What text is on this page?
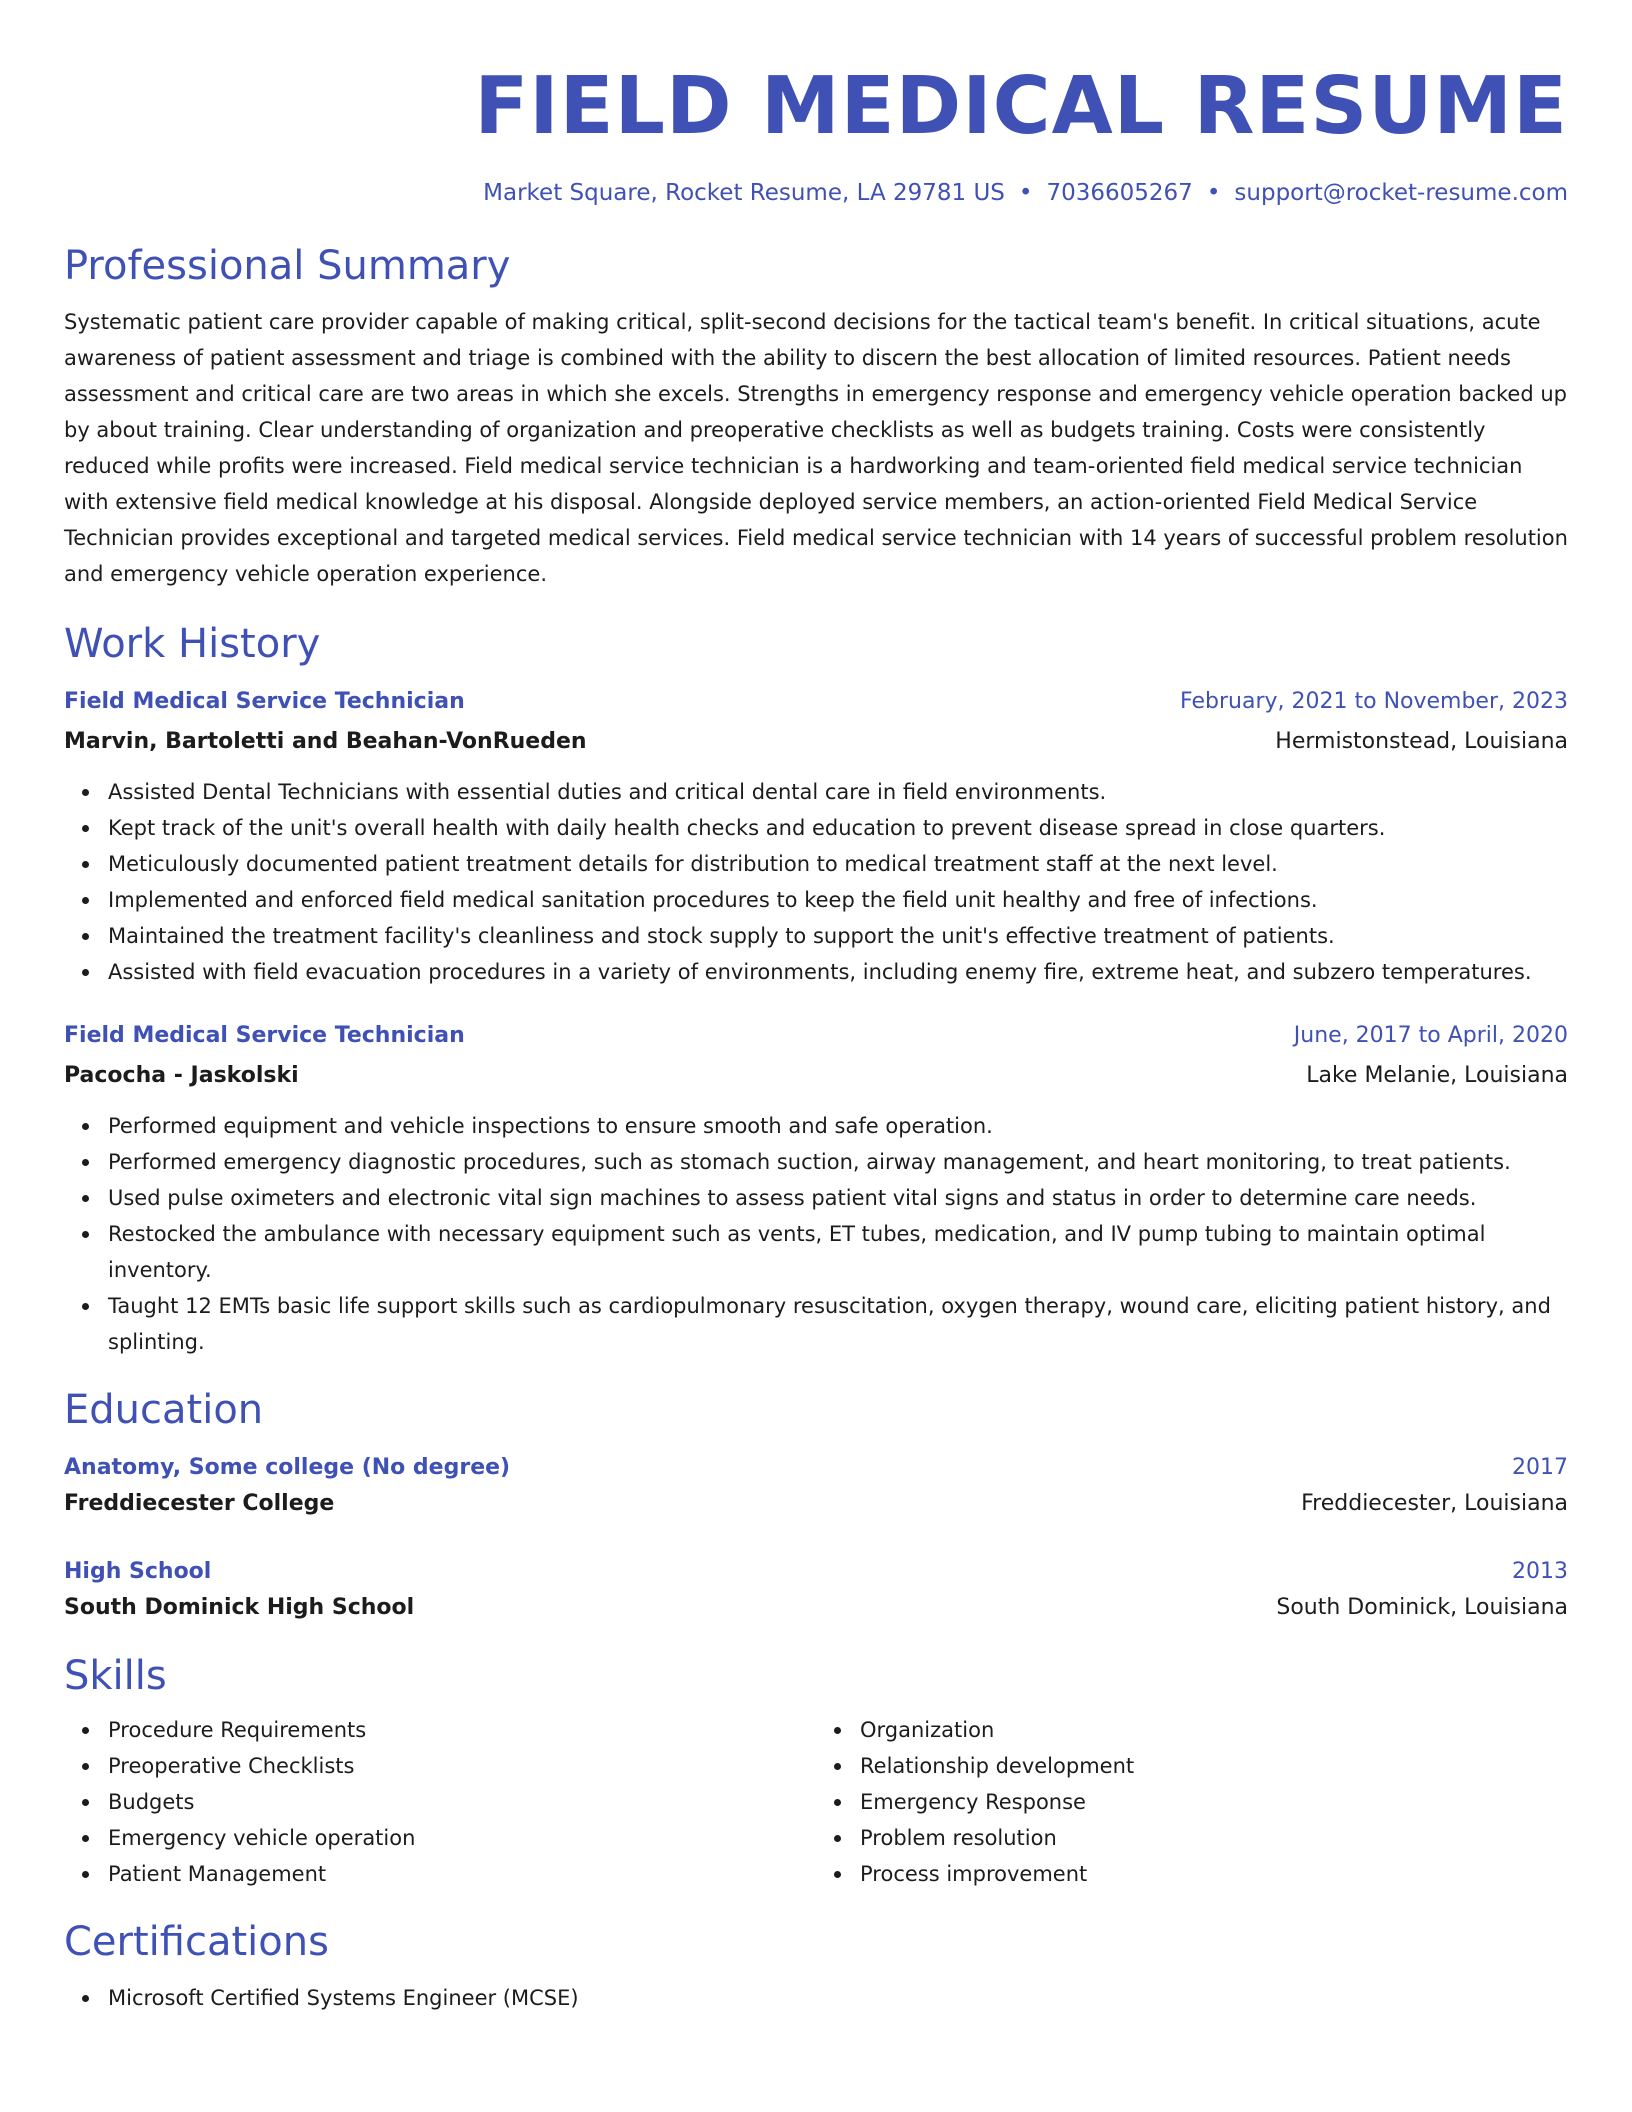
FIELD MEDICAL RESUME
Market Square, Rocket Resume, LA 29781 US • 7036605267 • support@rocket-resume.com
Professional Summary
Systematic patient care provider capable of making critical, split-second decisions for the tactical team's benefit. In critical situations, acute awareness of patient assessment and triage is combined with the ability to discern the best allocation of limited resources. Patient needs assessment and critical care are two areas in which she excels. Strengths in emergency response and emergency vehicle operation backed up by about training. Clear understanding of organization and preoperative checklists as well as budgets training. Costs were consistently reduced while profits were increased. Field medical service technician is a hardworking and team-oriented field medical service technician with extensive field medical knowledge at his disposal. Alongside deployed service members, an action-oriented Field Medical Service Technician provides exceptional and targeted medical services. Field medical service technician with 14 years of successful problem resolution and emergency vehicle operation experience.
Work History
Field Medical Service Technician	February, 2021 to November, 2023
Marvin, Bartoletti and Beahan-VonRueden	Hermistonstead, Louisiana
Assisted Dental Technicians with essential duties and critical dental care in field environments.
Kept track of the unit's overall health with daily health checks and education to prevent disease spread in close quarters.
Meticulously documented patient treatment details for distribution to medical treatment staff at the next level.
Implemented and enforced field medical sanitation procedures to keep the field unit healthy and free of infections.
Maintained the treatment facility's cleanliness and stock supply to support the unit's effective treatment of patients.
Assisted with field evacuation procedures in a variety of environments, including enemy fire, extreme heat, and subzero temperatures.
Field Medical Service Technician	June, 2017 to April, 2020
Pacocha - Jaskolski	Lake Melanie, Louisiana
Performed equipment and vehicle inspections to ensure smooth and safe operation.
Performed emergency diagnostic procedures, such as stomach suction, airway management, and heart monitoring, to treat patients.
Used pulse oximeters and electronic vital sign machines to assess patient vital signs and status in order to determine care needs.
Restocked the ambulance with necessary equipment such as vents, ET tubes, medication, and IV pump tubing to maintain optimal inventory.
Taught 12 EMTs basic life support skills such as cardiopulmonary resuscitation, oxygen therapy, wound care, eliciting patient history, and splinting.
Education
Anatomy, Some college (No degree)	2017
Freddiecester College	Freddiecester, Louisiana
High School	2013
South Dominick High School	South Dominick, Louisiana
Skills
Procedure Requirements
Preoperative Checklists
Budgets
Emergency vehicle operation
Patient Management
Organization
Relationship development
Emergency Response
Problem resolution
Process improvement
Certifications
Microsoft Certified Systems Engineer (MCSE)
